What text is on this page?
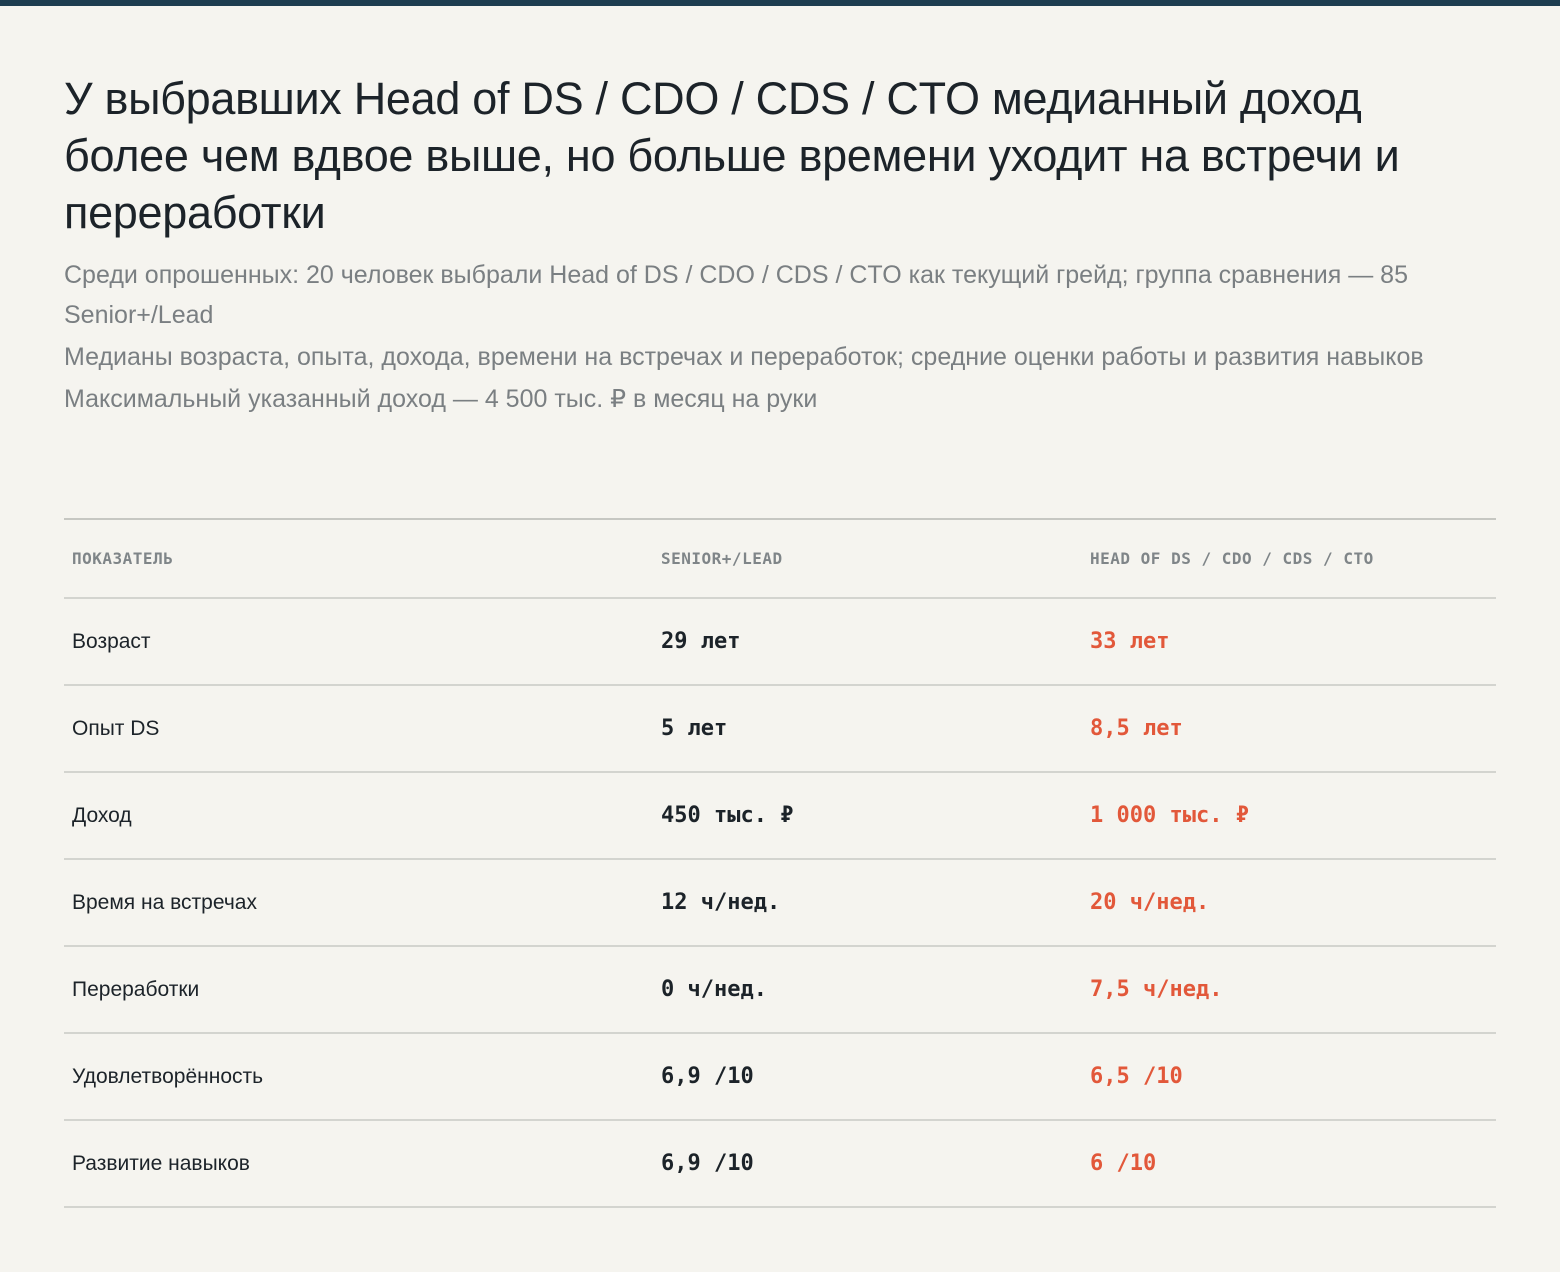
У выбравших Head of DS / CDO / CDS / CTO медианный доход более чем вдвое выше, но больше времени уходит на встречи и переработки

Среди опрошенных: 20 человек выбрали Head of DS / CDO / CDS / CTO как текущий грейд; группа сравнения — 85 Senior+/Lead

Медианы возраста, опыта, дохода, времени на встречах и переработок; средние оценки работы и развития навыков

Максимальный указанный доход — 4 500 тыс. ₽ в месяц на руки

ПОКАЗАТЕЛЬ	SENIOR+/LEAD	HEAD OF DS / CDO / CDS / CTO
Возраст	29 лет	33 лет
Опыт DS	5 лет	8,5 лет
Доход	450 тыс. ₽	1 000 тыс. ₽
Время на встречах	12 ч/нед.	20 ч/нед.
Переработки	0 ч/нед.	7,5 ч/нед.
Удовлетворённость	6,9 /10	6,5 /10
Развитие навыков	6,9 /10	6 /10
